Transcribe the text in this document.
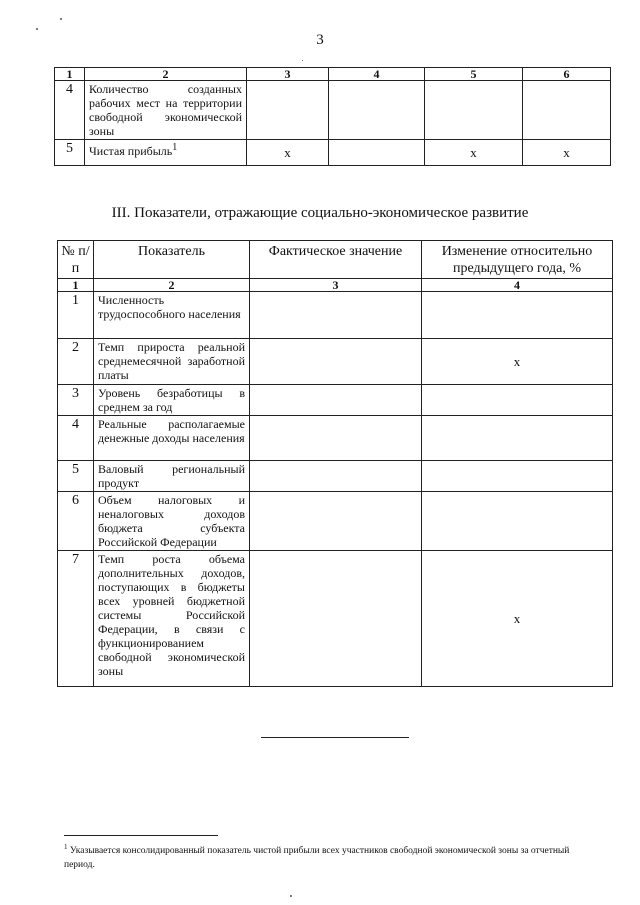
3
1	2	3	4	5	6
4	Количество созданных рабочих мест на территории свободной экономической зоны				

5	Чистая прибыль$^1$	х		х	х
III. Показатели, отражающие социально-экономическое развитие
№ п/п	Показатель	Фактическое значение	Изменение относительно предыдущего года, %
1	2	3	4
1	Численность трудоспособного населения		

2	Темп прироста реальной среднемесячной заработной платы		х
3	Уровень безработицы в среднем за год		

4	Реальные располагаемые денежные доходы населения		

5	Валовый региональный продукт		

6	Объем налоговых и неналоговых доходов бюджета субъекта Российской Федерации		

7	Темп роста объема дополнительных доходов, поступающих в бюджеты всех уровней бюджетной системы Российской Федерации, в связи с функционированием свободной экономической зоны		х
$^1$ Указывается консолидированный показатель чистой прибыли всех участников свободной экономической зоны за отчетный период.
